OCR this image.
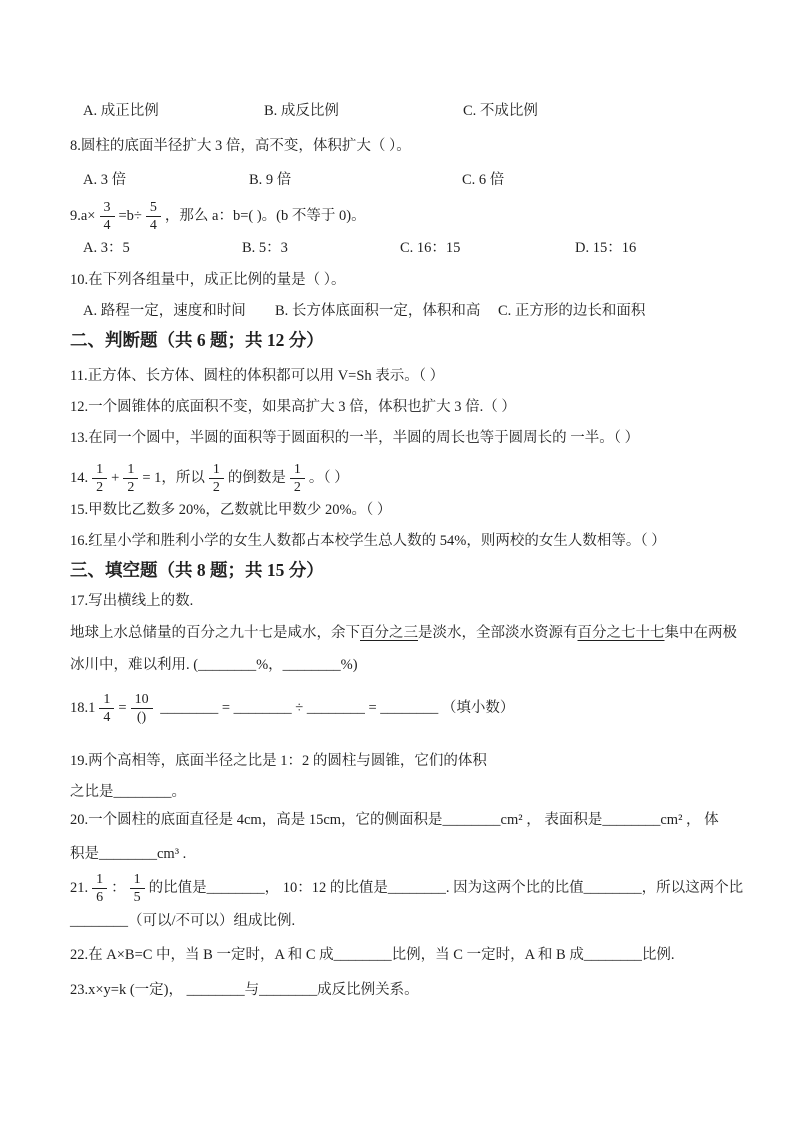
A. 成正比例	B. 成反比例	C. 不成比例
8.圆柱的底面半径扩大 3 倍，高不变，体积扩大（ ）。
A. 3 倍	B. 9 倍	C. 6 倍
$9.a\times \frac{3}{4} =b\div \frac{5}{4}$ ，那么 a：b=( )。(b 不等于 0)。
A. 3：5	B. 5：3	C. 16：15	D. 15：16
10.在下列各组量中，成正比例的量是（ ）。
A. 路程一定，速度和时间 B. 长方体底面积一定，体积和高 C. 正方形的边长和面积
二、判断题（共 6 题；共 12 分）
11.正方体、长方体、圆柱的体积都可以用 V=Sh 表示。（ ）
12.一个圆锥体的底面积不变，如果高扩大 3 倍，体积也扩大 3 倍.（ ）
13.在同一个圆中，半圆的面积等于圆面积的一半，半圆的周长也等于圆周长的 一半。（ ）
14. $\frac{1}{2} + \frac{1}{2} = 1$，所以 $\frac{1}{2}$ 的倒数是 $\frac{1}{2}$ 。（ ）
15.甲数比乙数多 20%，乙数就比甲数少 20%。（ ）
16.红星小学和胜利小学的女生人数都占本校学生总人数的 54%，则两校的女生人数相等。（ ）
三、填空题（共 8 题；共 15 分）
17.写出横线上的数.
地球上水总储量的百分之九十七是咸水，余下百分之三是淡水，全部淡水资源有百分之七十七集中在两极
冰川中，难以利用. (________%，________%)
$18.1 \frac{1}{4} = \frac{10}{()}$ ________ = ________ ÷ ________ = ________ （填小数）
19.两个高相等，底面半径之比是 1：2 的圆柱与圆锥，它们的体积
之比是________。
20.一个圆柱的底面直径是 4cm，高是 15cm，它的侧面积是________cm² ， 表面积是________cm² ， 体
积是________cm³ .
21. $\frac{1}{6}$ ： $\frac{1}{5}$ 的比值是________， 10：12 的比值是________. 因为这两个比的比值________，所以这两个比
________（可以/不可以）组成比例.
22.在 A×B=C 中，当 B 一定时，A 和 C 成________比例，当 C 一定时，A 和 B 成________比例.
23.x×y=k (一定)， ________与________成反比例关系。
